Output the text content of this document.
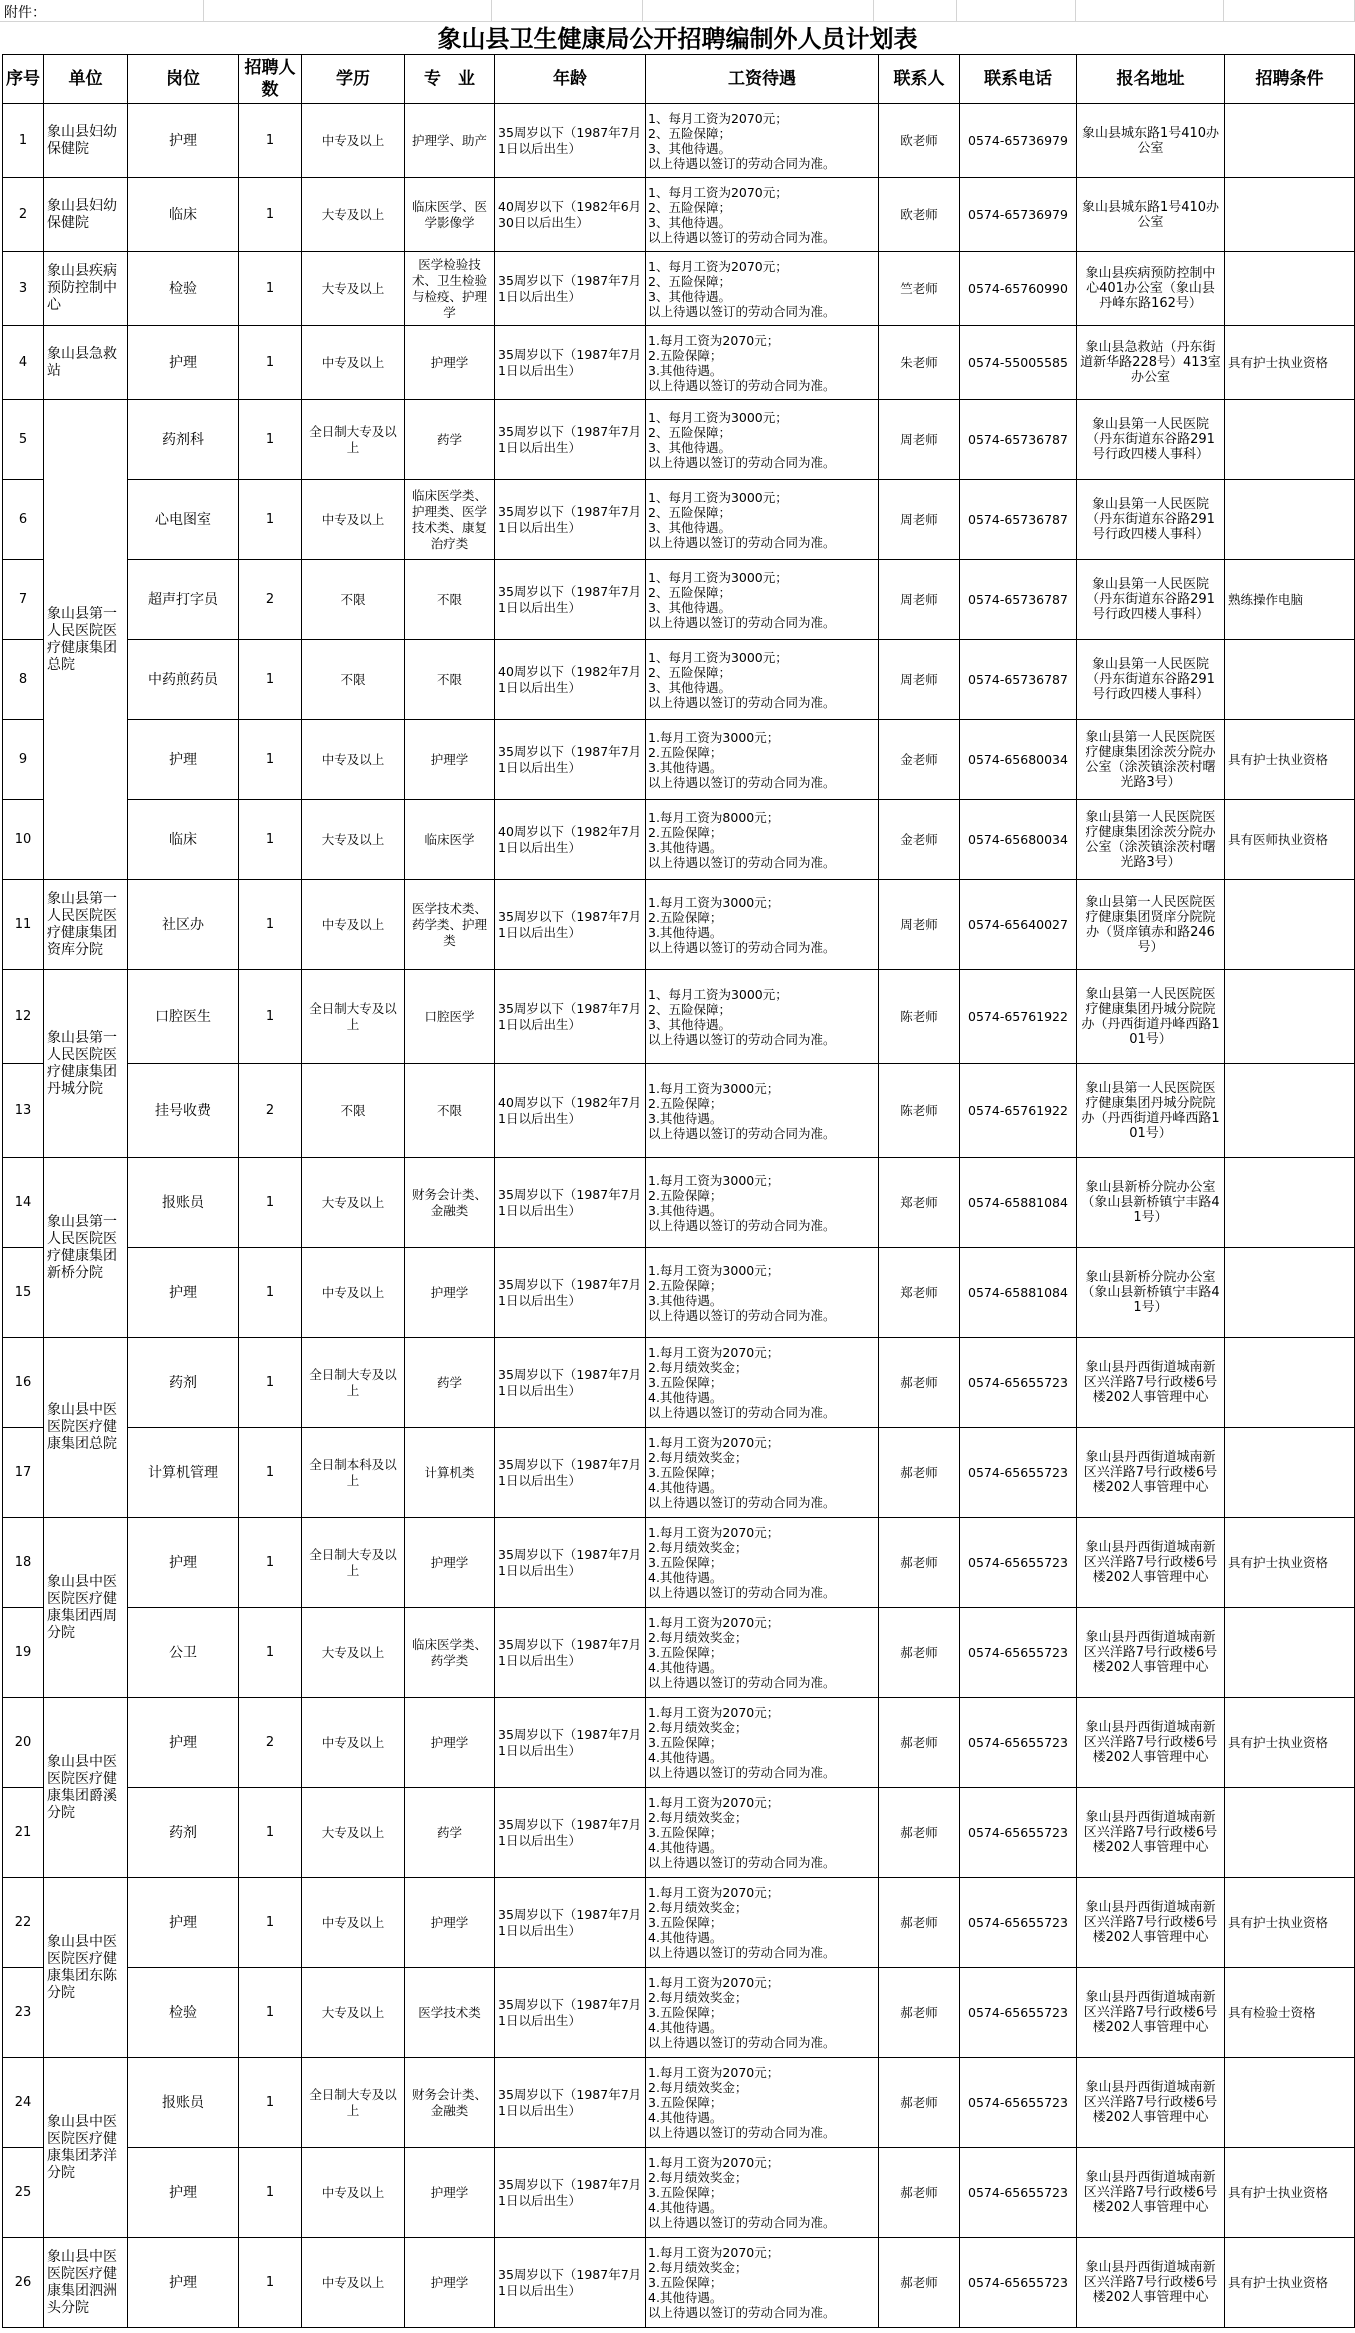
附件：
象山县卫生健康局公开招聘编制外人员计划表
序号	单位	岗位	招聘人数	学历	专　业	年龄	工资待遇	联系人	联系电话	报名地址	招聘条件
1	象山县妇幼保健院	护理	1	中专及以上	护理学、助产	35周岁以下（1987年7月1日以后出生）	1、每月工资为2070元；
2、五险保障；
3、其他待遇。
以上待遇以签订的劳动合同为准。	欧老师	0574-65736979	象山县城东路1号410办公室	
2	象山县妇幼保健院	临床	1	大专及以上	临床医学、医学影像学	40周岁以下（1982年6月30日以后出生）	1、每月工资为2070元；
2、五险保障；
3、其他待遇。
以上待遇以签订的劳动合同为准。	欧老师	0574-65736979	象山县城东路1号410办公室	
3	象山县疾病预防控制中心	检验	1	大专及以上	医学检验技术、卫生检验与检疫、护理学	35周岁以下（1987年7月1日以后出生）	1、每月工资为2070元；
2、五险保障；
3、其他待遇。
以上待遇以签订的劳动合同为准。	竺老师	0574-65760990	象山县疾病预防控制中心401办公室（象山县丹峰东路162号）	
4	象山县急救站	护理	1	中专及以上	护理学	35周岁以下（1987年7月1日以后出生）	1.每月工资为2070元；
2.五险保障；
3.其他待遇。
以上待遇以签订的劳动合同为准。	朱老师	0574-55005585	象山县急救站（丹东街道新华路228号）413室办公室	具有护士执业资格
5	象山县第一人民医院医疗健康集团总院	药剂科	1	全日制大专及以上	药学	35周岁以下（1987年7月1日以后出生）	1、每月工资为3000元；
2、五险保障；
3、其他待遇。
以上待遇以签订的劳动合同为准。	周老师	0574-65736787	象山县第一人民医院（丹东街道东谷路291号行政四楼人事科）	
6		心电图室	1	中专及以上	临床医学类、护理类、医学技术类、康复治疗类	35周岁以下（1987年7月1日以后出生）	1、每月工资为3000元；
2、五险保障；
3、其他待遇。
以上待遇以签订的劳动合同为准。	周老师	0574-65736787	象山县第一人民医院（丹东街道东谷路291号行政四楼人事科）	
7		超声打字员	2	不限	不限	35周岁以下（1987年7月1日以后出生）	1、每月工资为3000元；
2、五险保障；
3、其他待遇。
以上待遇以签订的劳动合同为准。	周老师	0574-65736787	象山县第一人民医院（丹东街道东谷路291号行政四楼人事科）	熟练操作电脑
8		中药煎药员	1	不限	不限	40周岁以下（1982年7月1日以后出生）	1、每月工资为3000元；
2、五险保障；
3、其他待遇。
以上待遇以签订的劳动合同为准。	周老师	0574-65736787	象山县第一人民医院（丹东街道东谷路291号行政四楼人事科）	
9		护理	1	中专及以上	护理学	35周岁以下（1987年7月1日以后出生）	1.每月工资为3000元；
2.五险保障；
3.其他待遇。
以上待遇以签订的劳动合同为准。	金老师	0574-65680034	象山县第一人民医院医疗健康集团涂茨分院办公室（涂茨镇涂茨村曙光路3号）	具有护士执业资格
10		临床	1	大专及以上	临床医学	40周岁以下（1982年7月1日以后出生）	1.每月工资为8000元；
2.五险保障；
3.其他待遇。
以上待遇以签订的劳动合同为准。	金老师	0574-65680034	象山县第一人民医院医疗健康集团涂茨分院办公室（涂茨镇涂茨村曙光路3号）	具有医师执业资格
11	象山县第一人民医院医疗健康集团资库分院	社区办	1	中专及以上	医学技术类、药学类、护理类	35周岁以下（1987年7月1日以后出生）	1.每月工资为3000元；
2.五险保障；
3.其他待遇。
以上待遇以签订的劳动合同为准。	周老师	0574-65640027	象山县第一人民医院医疗健康集团贤庠分院院办（贤庠镇赤和路246号）	
12	象山县第一人民医院医疗健康集团丹城分院	口腔医生	1	全日制大专及以上	口腔医学	35周岁以下（1987年7月1日以后出生）	1、每月工资为3000元；
2、五险保障；
3、其他待遇。
以上待遇以签订的劳动合同为准。	陈老师	0574-65761922	象山县第一人民医院医疗健康集团丹城分院院办（丹西街道丹峰西路101号）	
13		挂号收费	2	不限	不限	40周岁以下（1982年7月1日以后出生）	1.每月工资为3000元；
2.五险保障；
3.其他待遇。
以上待遇以签订的劳动合同为准。	陈老师	0574-65761922	象山县第一人民医院医疗健康集团丹城分院院办（丹西街道丹峰西路101号）	
14	象山县第一人民医院医疗健康集团新桥分院	报账员	1	大专及以上	财务会计类、金融类	35周岁以下（1987年7月1日以后出生）	1.每月工资为3000元；
2.五险保障；
3.其他待遇。
以上待遇以签订的劳动合同为准。	郑老师	0574-65881084	象山县新桥分院办公室（象山县新桥镇宁丰路41号）	
15		护理	1	中专及以上	护理学	35周岁以下（1987年7月1日以后出生）	1.每月工资为3000元；
2.五险保障；
3.其他待遇。
以上待遇以签订的劳动合同为准。	郑老师	0574-65881084	象山县新桥分院办公室（象山县新桥镇宁丰路41号）	
16	象山县中医医院医疗健康集团总院	药剂	1	全日制大专及以上	药学	35周岁以下（1987年7月1日以后出生）	1.每月工资为2070元；
2.每月绩效奖金；
3.五险保障；
4.其他待遇。
以上待遇以签订的劳动合同为准。	郝老师	0574-65655723	象山县丹西街道城南新区兴洋路7号行政楼6号楼202人事管理中心	
17		计算机管理	1	全日制本科及以上	计算机类	35周岁以下（1987年7月1日以后出生）	1.每月工资为2070元；
2.每月绩效奖金；
3.五险保障；
4.其他待遇。
以上待遇以签订的劳动合同为准。	郝老师	0574-65655723	象山县丹西街道城南新区兴洋路7号行政楼6号楼202人事管理中心	
18	象山县中医医院医疗健康集团西周分院	护理	1	全日制大专及以上	护理学	35周岁以下（1987年7月1日以后出生）	1.每月工资为2070元；
2.每月绩效奖金；
3.五险保障；
4.其他待遇。
以上待遇以签订的劳动合同为准。	郝老师	0574-65655723	象山县丹西街道城南新区兴洋路7号行政楼6号楼202人事管理中心	具有护士执业资格
19		公卫	1	大专及以上	临床医学类、药学类	35周岁以下（1987年7月1日以后出生）	1.每月工资为2070元；
2.每月绩效奖金；
3.五险保障；
4.其他待遇。
以上待遇以签订的劳动合同为准。	郝老师	0574-65655723	象山县丹西街道城南新区兴洋路7号行政楼6号楼202人事管理中心	
20	象山县中医医院医疗健康集团爵溪分院	护理	2	中专及以上	护理学	35周岁以下（1987年7月1日以后出生）	1.每月工资为2070元；
2.每月绩效奖金；
3.五险保障；
4.其他待遇。
以上待遇以签订的劳动合同为准。	郝老师	0574-65655723	象山县丹西街道城南新区兴洋路7号行政楼6号楼202人事管理中心	具有护士执业资格
21		药剂	1	大专及以上	药学	35周岁以下（1987年7月1日以后出生）	1.每月工资为2070元；
2.每月绩效奖金；
3.五险保障；
4.其他待遇。
以上待遇以签订的劳动合同为准。	郝老师	0574-65655723	象山县丹西街道城南新区兴洋路7号行政楼6号楼202人事管理中心	
22	象山县中医医院医疗健康集团东陈分院	护理	1	中专及以上	护理学	35周岁以下（1987年7月1日以后出生）	1.每月工资为2070元；
2.每月绩效奖金；
3.五险保障；
4.其他待遇。
以上待遇以签订的劳动合同为准。	郝老师	0574-65655723	象山县丹西街道城南新区兴洋路7号行政楼6号楼202人事管理中心	具有护士执业资格
23		检验	1	大专及以上	医学技术类	35周岁以下（1987年7月1日以后出生）	1.每月工资为2070元；
2.每月绩效奖金；
3.五险保障；
4.其他待遇。
以上待遇以签订的劳动合同为准。	郝老师	0574-65655723	象山县丹西街道城南新区兴洋路7号行政楼6号楼202人事管理中心	具有检验士资格
24	象山县中医医院医疗健康集团茅洋分院	报账员	1	全日制大专及以上	财务会计类、金融类	35周岁以下（1987年7月1日以后出生）	1.每月工资为2070元；
2.每月绩效奖金；
3.五险保障；
4.其他待遇。
以上待遇以签订的劳动合同为准。	郝老师	0574-65655723	象山县丹西街道城南新区兴洋路7号行政楼6号楼202人事管理中心	
25		护理	1	中专及以上	护理学	35周岁以下（1987年7月1日以后出生）	1.每月工资为2070元；
2.每月绩效奖金；
3.五险保障；
4.其他待遇。
以上待遇以签订的劳动合同为准。	郝老师	0574-65655723	象山县丹西街道城南新区兴洋路7号行政楼6号楼202人事管理中心	具有护士执业资格
26	象山县中医医院医疗健康集团泗洲头分院	护理	1	中专及以上	护理学	35周岁以下（1987年7月1日以后出生）	1.每月工资为2070元；
2.每月绩效奖金；
3.五险保障；
4.其他待遇。
以上待遇以签订的劳动合同为准。	郝老师	0574-65655723	象山县丹西街道城南新区兴洋路7号行政楼6号楼202人事管理中心	具有护士执业资格
